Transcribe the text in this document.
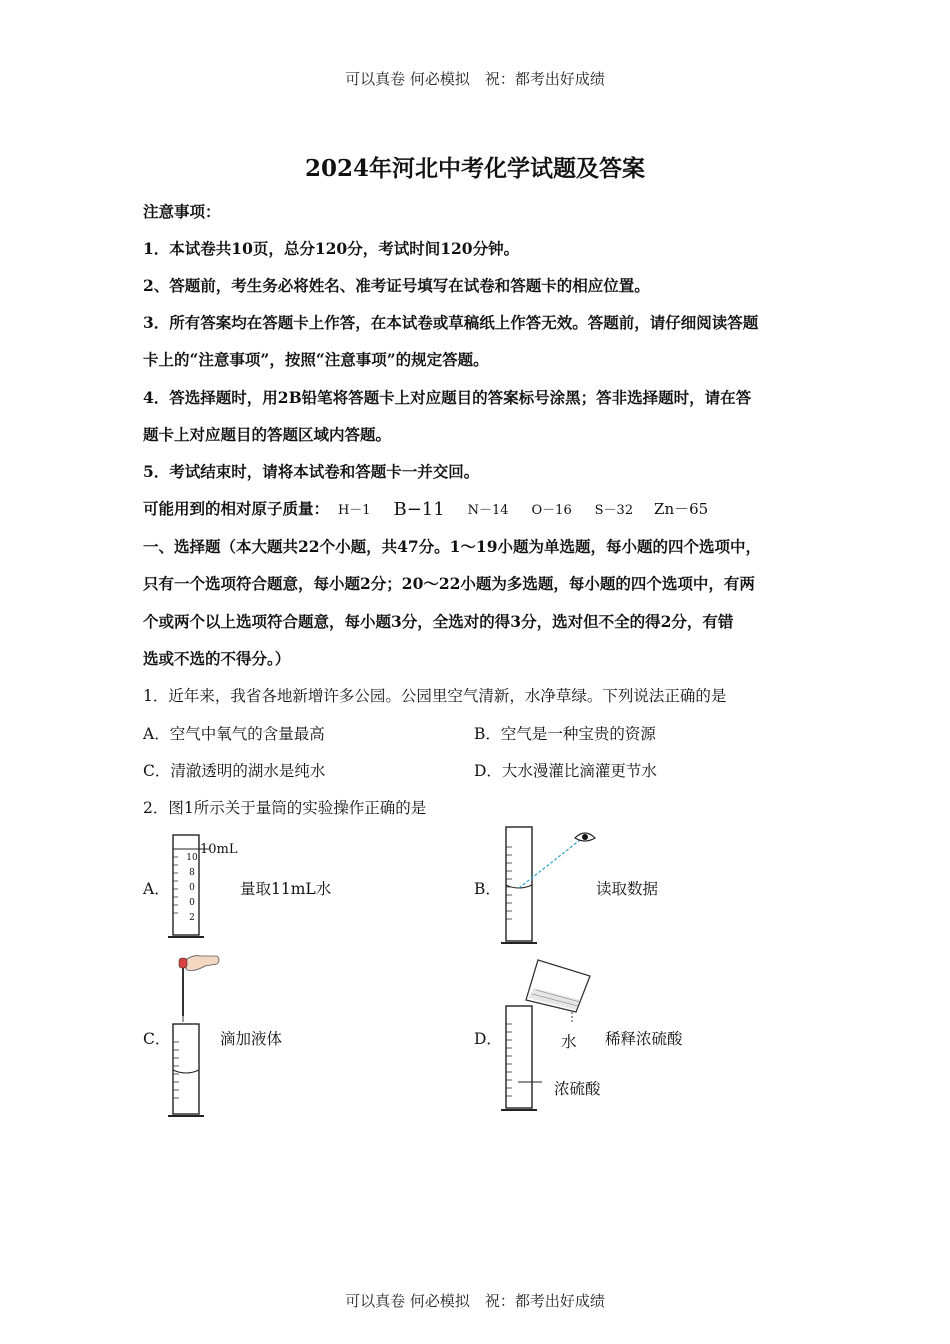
可以真卷 何必模拟　祝：都考出好成绩
2024年河北中考化学试题及答案
注意事项：
1．本试卷共10页，总分120分，考试时间120分钟。
2、答题前，考生务必将姓名、准考证号填写在试卷和答题卡的相应位置。
3．所有答案均在答题卡上作答，在本试卷或草稿纸上作答无效。答题前，请仔细阅读答题
卡上的“注意事项”，按照“注意事项”的规定答题。
4．答选择题时，用2B铅笔将答题卡上对应题目的答案标号涂黑；答非选择题时，请在答
题卡上对应题目的答题区域内答题。
5．考试结束时，请将本试卷和答题卡一并交回。
可能用到的相对原子质量： H－1 B−11 N－14 O－16 S－32 Zn－65
一、选择题（本大题共22个小题，共47分。1～19小题为单选题，每小题的四个选项中，
只有一个选项符合题意，每小题2分；20～22小题为多选题，每小题的四个选项中，有两
个或两个以上选项符合题意，每小题3分，全选对的得3分，选对但不全的得2分，有错
选或不选的不得分。）
1．近年来，我省各地新增许多公园。公园里空气清新，水净草绿。下列说法正确的是
A．空气中氧气的含量最高	B．空气是一种宝贵的资源
C．清澈透明的湖水是纯水	D．大水漫灌比滴灌更节水
2．图1所示关于量筒的实验操作正确的是
A．
10mL
10
8
0
0
2
量取11mL水	B．	读取数据
C．	滴加液体	D．	水 稀释浓硫酸
浓硫酸
可以真卷 何必模拟　祝：都考出好成绩
